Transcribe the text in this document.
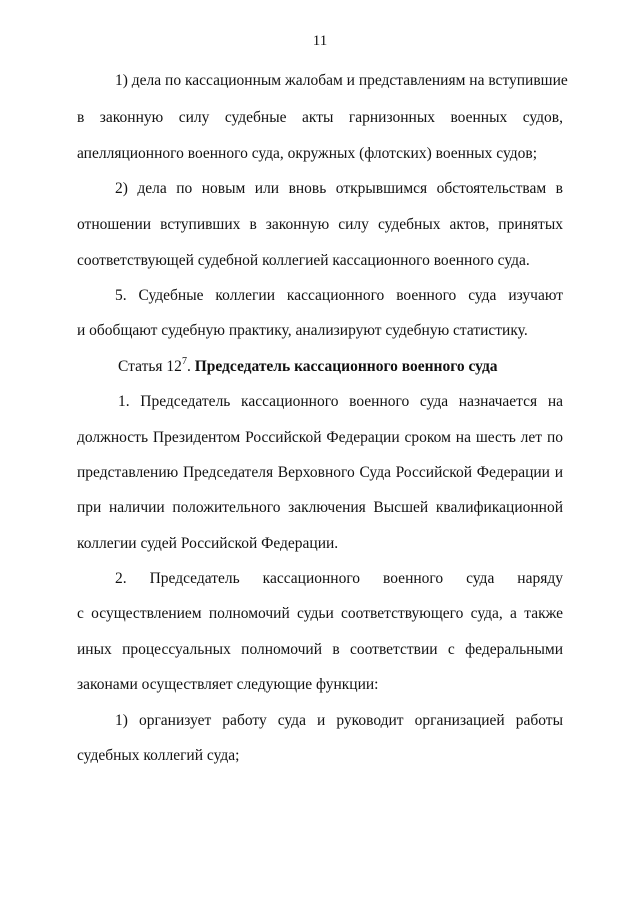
11
1) дела по кассационным жалобам и представлениям на вступившие
в законную силу судебные акты гарнизонных военных судов,
апелляционного военного суда, окружных (флотских) военных судов;
2) дела по новым или вновь открывшимся обстоятельствам в
отношении вступивших в законную силу судебных актов, принятых
соответствующей судебной коллегией кассационного военного суда.
5. Судебные коллегии кассационного военного суда изучают
и обобщают судебную практику, анализируют судебную статистику.
Статья $12^7$. Председатель кассационного военного суда
1. Председатель кассационного военного суда назначается на
должность Президентом Российской Федерации сроком на шесть лет по
представлению Председателя Верховного Суда Российской Федерации и
при наличии положительного заключения Высшей квалификационной
коллегии судей Российской Федерации.
2. Председатель кассационного военного суда наряду
с осуществлением полномочий судьи соответствующего суда, а также
иных процессуальных полномочий в соответствии с федеральными
законами осуществляет следующие функции:
1) организует работу суда и руководит организацией работы
судебных коллегий суда;
